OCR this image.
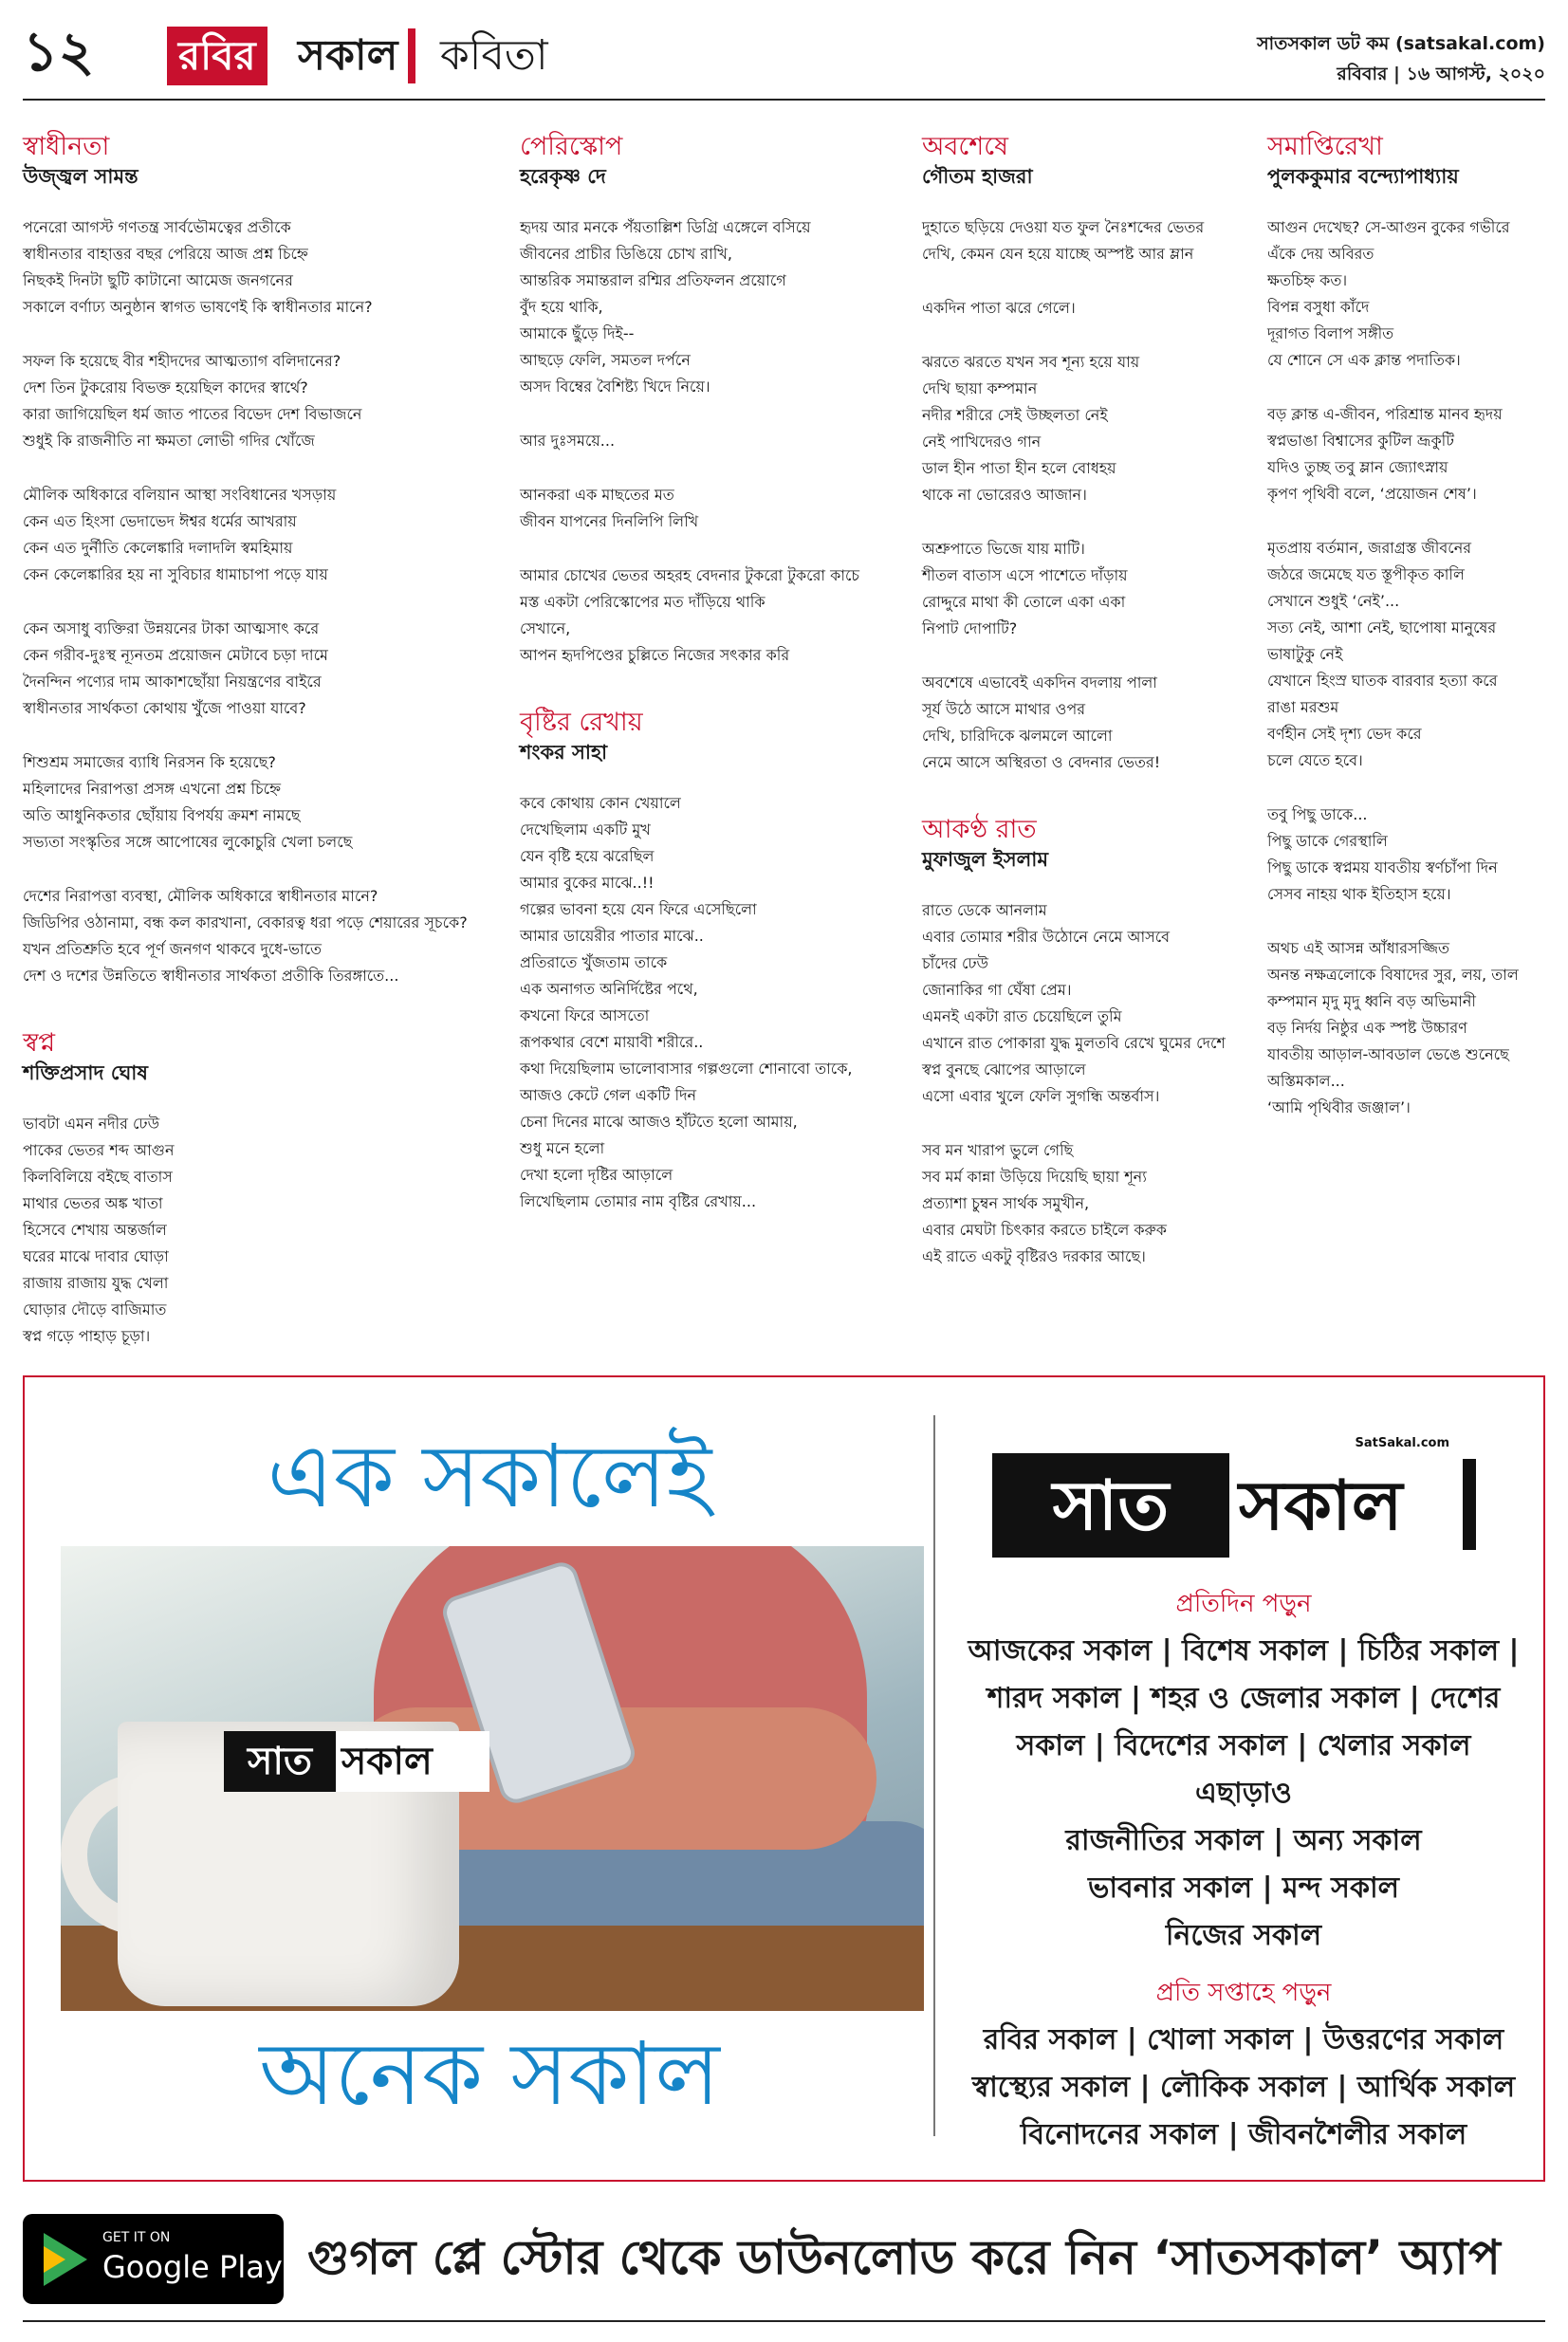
১২ রবির সকাল কবিতা	সাতসকাল ডট কম (satsakal.com)
রবিবার | ১৬ আগস্ট, ২০২০
স্বাধীনতা
উজ্জ্বল সামন্ত
পনেরো আগস্ট গণতন্ত্র সার্বভৌমত্বের প্রতীকে
স্বাধীনতার বাহাত্তর বছর পেরিয়ে আজ প্রশ্ন চিহ্নে
নিছকই দিনটা ছুটি কাটানো আমেজ জনগনের
সকালে বর্ণাঢ্য অনুষ্ঠান স্বাগত ভাষণেই কি স্বাধীনতার মানে?
সফল কি হয়েছে বীর শহীদদের আত্মত্যাগ বলিদানের?
দেশ তিন টুকরোয় বিভক্ত হয়েছিল কাদের স্বার্থে?
কারা জাগিয়েছিল ধর্ম জাত পাতের বিভেদ দেশ বিভাজনে
শুধুই কি রাজনীতি না ক্ষমতা লোভী গদির খোঁজে
মৌলিক অধিকারে বলিয়ান আস্থা সংবিধানের খসড়ায়
কেন এত হিংসা ভেদাভেদ ঈশ্বর ধর্মের আখরায়
কেন এত দুর্নীতি কেলেঙ্কারি দলাদলি স্বমহিমায়
কেন কেলেঙ্কারির হয় না সুবিচার ধামাচাপা পড়ে যায়
কেন অসাধু ব্যক্তিরা উন্নয়নের টাকা আত্মসাৎ করে
কেন গরীব-দুঃস্থ ন্যূনতম প্রয়োজন মেটাবে চড়া দামে
দৈনন্দিন পণ্যের দাম আকাশছোঁয়া নিয়ন্ত্রণের বাইরে
স্বাধীনতার সার্থকতা কোথায় খুঁজে পাওয়া যাবে?
শিশুশ্রম সমাজের ব্যাধি নিরসন কি হয়েছে?
মহিলাদের নিরাপত্তা প্রসঙ্গ এখনো প্রশ্ন চিহ্নে
অতি আধুনিকতার ছোঁয়ায় বিপর্যয় ক্রমশ নামছে
সভ্যতা সংস্কৃতির সঙ্গে আপোষের লুকোচুরি খেলা চলছে
দেশের নিরাপত্তা ব্যবস্থা, মৌলিক অধিকারে স্বাধীনতার মানে?
জিডিপির ওঠানামা, বন্ধ কল কারখানা, বেকারত্ব ধরা পড়ে শেয়ারের সূচকে?
যখন প্রতিশ্রুতি হবে পূর্ণ জনগণ থাকবে দুধে-ভাতে
দেশ ও দশের উন্নতিতে স্বাধীনতার সার্থকতা প্রতীকি তিরঙ্গাতে...
স্বপ্ন
শক্তিপ্রসাদ ঘোষ
ভাবটা এমন নদীর ঢেউ
পাকের ভেতর শব্দ আগুন
কিলবিলিয়ে বইছে বাতাস
মাথার ভেতর অঙ্ক খাতা
হিসেবে শেখায় অন্তর্জাল
ঘরের মাঝে দাবার ঘোড়া
রাজায় রাজায় যুদ্ধ খেলা
ঘোড়ার দৌড়ে বাজিমাত
স্বপ্ন গড়ে পাহাড় চূড়া।
পেরিস্কোপ
হরেকৃষ্ণ দে
হৃদয় আর মনকে পঁয়তাল্লিশ ডিগ্রি এঙ্গেলে বসিয়ে
জীবনের প্রাচীর ডিঙিয়ে চোখ রাখি,
আন্তরিক সমান্তরাল রশ্মির প্রতিফলন প্রয়োগে
বুঁদ হয়ে থাকি,
আমাকে ছুঁড়ে দিই--
আছড়ে ফেলি, সমতল দর্পনে
অসদ বিম্বের বৈশিষ্ট্য খিদে নিয়ে।
আর দুঃসময়ে...
আনকরা এক মাছতের মত
জীবন যাপনের দিনলিপি লিখি
আমার চোখের ভেতর অহরহ বেদনার টুকরো টুকরো কাচে
মস্ত একটা পেরিস্কোপের মত দাঁড়িয়ে থাকি
সেখানে,
আপন হৃদপিণ্ডের চুল্লিতে নিজের সৎকার করি
বৃষ্টির রেখায়
শংকর সাহা
কবে কোথায় কোন খেয়ালে
দেখেছিলাম একটি মুখ
যেন বৃষ্টি হয়ে ঝরেছিল
আমার বুকের মাঝে..!!
গল্পের ভাবনা হয়ে যেন ফিরে এসেছিলো
আমার ডায়েরীর পাতার মাঝে..
প্রতিরাতে খুঁজতাম তাকে
এক অনাগত অনির্দিষ্টের পথে,
কখনো ফিরে আসতো
রূপকথার বেশে মায়াবী শরীরে..
কথা দিয়েছিলাম ভালোবাসার গল্পগুলো শোনাবো তাকে,
আজও কেটে গেল একটি দিন
চেনা দিনের মাঝে আজও হাঁটতে হলো আমায়,
শুধু মনে হলো
দেখা হলো দৃষ্টির আড়ালে
লিখেছিলাম তোমার নাম বৃষ্টির রেখায়...
অবশেষে
গৌতম হাজরা
দুহাতে ছড়িয়ে দেওয়া যত ফুল নৈঃশব্দের ভেতর
দেখি, কেমন যেন হয়ে যাচ্ছে অস্পষ্ট আর ম্লান
একদিন পাতা ঝরে গেলে।
ঝরতে ঝরতে যখন সব শূন্য হয়ে যায়
দেখি ছায়া কম্পমান
নদীর শরীরে সেই উচ্ছলতা নেই
নেই পাখিদেরও গান
ডাল হীন পাতা হীন হলে বোধহয়
থাকে না ভোরেরও আজান।
অশ্রুপাতে ভিজে যায় মাটি।
শীতল বাতাস এসে পাশেতে দাঁড়ায়
রোদ্দুরে মাথা কী তোলে একা একা
নিপাট দোপাটি?
অবশেষে এভাবেই একদিন বদলায় পালা
সূর্য উঠে আসে মাথার ওপর
দেখি, চারিদিকে ঝলমলে আলো
নেমে আসে অস্থিরতা ও বেদনার ভেতর!
আকণ্ঠ রাত
মুফাজুল ইসলাম
রাতে ডেকে আনলাম
এবার তোমার শরীর উঠোনে নেমে আসবে
চাঁদের ঢেউ
জোনাকির গা ঘেঁষা প্রেম।
এমনই একটা রাত চেয়েছিলে তুমি
এখানে রাত পোকারা যুদ্ধ মুলতবি রেখে ঘুমের দেশে
স্বপ্ন বুনছে ঝোপের আড়ালে
এসো এবার খুলে ফেলি সুগন্ধি অন্তর্বাস।
সব মন খারাপ ভুলে গেছি
সব মর্ম কান্না উড়িয়ে দিয়েছি ছায়া শূন্য
প্রত্যাশা চুম্বন সার্থক সমুখীন,
এবার মেঘটা চিৎকার করতে চাইলে করুক
এই রাতে একটু বৃষ্টিরও দরকার আছে।
সমাপ্তিরেখা
পুলককুমার বন্দ্যোপাধ্যায়
আগুন দেখেছ? সে-আগুন বুকের গভীরে
এঁকে দেয় অবিরত
ক্ষতচিহ্ন কত।
বিপন্ন বসুধা কাঁদে
দূরাগত বিলাপ সঙ্গীত
যে শোনে সে এক ক্লান্ত পদাতিক।
বড় ক্লান্ত এ-জীবন, পরিশ্রান্ত মানব হৃদয়
স্বপ্নভাঙা বিশ্বাসের কুটিল ভ্রূকুটি
যদিও তুচ্ছ তবু ম্লান জ্যোৎস্নায়
কৃপণ পৃথিবী বলে, ‘প্রয়োজন শেষ’।
মৃতপ্রায় বর্তমান, জরাগ্রস্ত জীবনের
জঠরে জমেছে যত স্তূপীকৃত কালি
সেখানে শুধুই ‘নেই’...
সত্য নেই, আশা নেই, ছাপোষা মানুষের
ভাষাটুকু নেই
যেখানে হিংস্র ঘাতক বারবার হত্যা করে
রাঙা মরশুম
বর্ণহীন সেই দৃশ্য ভেদ করে
চলে যেতে হবে।
তবু পিছু ডাকে...
পিছু ডাকে গেরস্থালি
পিছু ডাকে স্বপ্নময় যাবতীয় স্বর্ণচাঁপা দিন
সেসব নাহয় থাক ইতিহাস হয়ে।
অথচ এই আসন্ন আঁধারসজ্জিত
অনন্ত নক্ষত্রলোকে বিষাদের সুর, লয়, তাল
কম্পমান মৃদু মৃদু ধ্বনি বড় অভিমানী
বড় নির্দয় নিষ্ঠুর এক স্পষ্ট উচ্চারণ
যাবতীয় আড়াল-আবডাল ভেঙে শুনেছে
অস্তিমকাল...
‘আমি পৃথিবীর জঞ্জাল’।
এক সকালেই
সাত সকাল
অনেক সকাল
সাত	সকাল
SatSakal.com
প্রতিদিন পড়ুন
আজকের সকাল | বিশেষ সকাল | চিঠির সকাল |
শারদ সকাল | শহর ও জেলার সকাল | দেশের
সকাল | বিদেশের সকাল | খেলার সকাল
এছাড়াও
রাজনীতির সকাল | অন্য সকাল
ভাবনার সকাল | মন্দ সকাল
নিজের সকাল
প্রতি সপ্তাহে পড়ুন
রবির সকাল | খোলা সকাল | উত্তরণের সকাল
স্বাস্থ্যের সকাল | লৌকিক সকাল | আর্থিক সকাল
বিনোদনের সকাল | জীবনশৈলীর সকাল
GET IT ON
Google Play গুগল প্লে স্টোর থেকে ডাউনলোড করে নিন ‘সাতসকাল’ অ্যাপ
